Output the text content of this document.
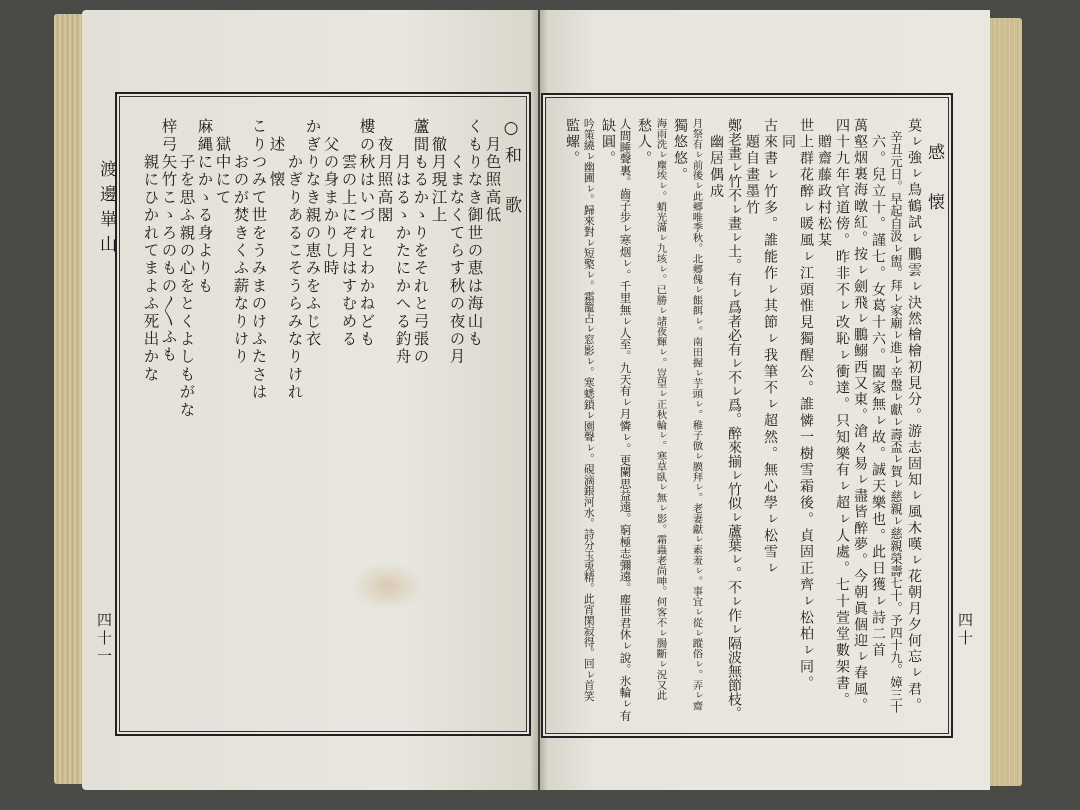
渡邊崋山
四十一
○和　歌
　月色照高低
くもりなき御世の恵は海山も
　　くまなくてらす秋の夜の月
　徹月現江上
蘆間もるかゝりをそれと弓張の
　　月はるゝかたにかへる釣舟
　夜月照高閣
樓の秋はいづれとわかねども
　　雲の上にぞ月はすむめる
　父の身まかりし時
かぎりなき親の恵みをふじ衣
　　かぎりあるこそうらみなりけれ
　述　懐
こりつみて世をうみまのけふたさは
　　おのが焚きくふ薪なりけり
　獄中にて
麻縄にかゝる身よりも
　　子を思ふ親の心をとくよしもがな
梓弓矢竹こゝろのもの〳〵ふも
　　親にひかれてまよふ死出かな
四十
　感　懐
莫ㇾ強ㇾ鳥鶴試ㇾ鵬雲ㇾ決然檜檜初見分。游志固知ㇾ風木嘆ㇾ花朝月夕何忘ㇾ君。
　辛丑元日。早起自汲ㇾ盥。拜ㇾ家廟ㇾ進ㇾ辛盤ㇾ獻ㇾ壽盃ㇾ賀ㇾ慈親ㇾ慈親榮壽七十。予四十九。嫜三十
　六。兒立十。謹七。女葛十六。闔家無ㇾ故。誠天樂也。此日獲ㇾ詩二首
萬壑烟裏海暾紅。按ㇾ劍飛ㇾ鵬鰯西又東。滄々易ㇾ盡皆醉夢。今朝眞個迎ㇾ春風。
四十九年官道傍。昨非不ㇾ改恥ㇾ衝達。只知樂有ㇾ超ㇾ人處。七十萱堂數架書。
　贈齋藤政村松某
世上群花醉ㇾ暖風ㇾ江頭惟見獨醒公。誰憐一樹雪霜後。貞固正齊ㇾ松柏ㇾ同。
　同
古來書ㇾ竹多。誰能作ㇾ其節ㇾ我筆不ㇾ超然。無心學ㇾ松雪ㇾ
　題自畫墨竹
鄭老畫ㇾ竹不ㇾ畫ㇾ土。有ㇾ爲者必有ㇾ不ㇾ爲。醉來揃ㇾ竹似ㇾ蘆葉ㇾ。不ㇾ作ㇾ隔波無節枝。
　幽居偶成
月祭有ㇾ前後ㇾ此郷唯季秋。北郷傀ㇾ餦餌ㇾ。南田握ㇾ芋頭ㇾ。稚子倣ㇾ膜拜ㇾ。老妻獻ㇾ素羞ㇾ。事宜ㇾ從ㇾ蹤俗ㇾ。弄ㇾ齋
獨悠悠。
海雨洗ㇾ塵埃ㇾ。蛸光滿ㇾ九垓ㇾ。已勝ㇾ諸夜輝ㇾ。豈望ㇾ正秋輪ㇾ。寒草臥ㇾ無ㇾ影。霜蟲老尚呻。何客不ㇾ腸斷ㇾ況又此
愁人。
人間睡聲裏。齒子步ㇾ寒烟ㇾ。千里無ㇾ人至。九天有ㇾ月憐ㇾ。更闌思益遠。窮極志彌遠。塵世君休ㇾ說。氷輪ㇾ有
缺圓。
吟策繞ㇾ幽圃ㇾ。歸來對ㇾ短檠ㇾ。霜籠占ㇾ窓影ㇾ。寒蟋鎖ㇾ園聲ㇾ。硯滴銀河水。詩分玉兎精。此宵閑寂得。回ㇾ首笑
監螺。
